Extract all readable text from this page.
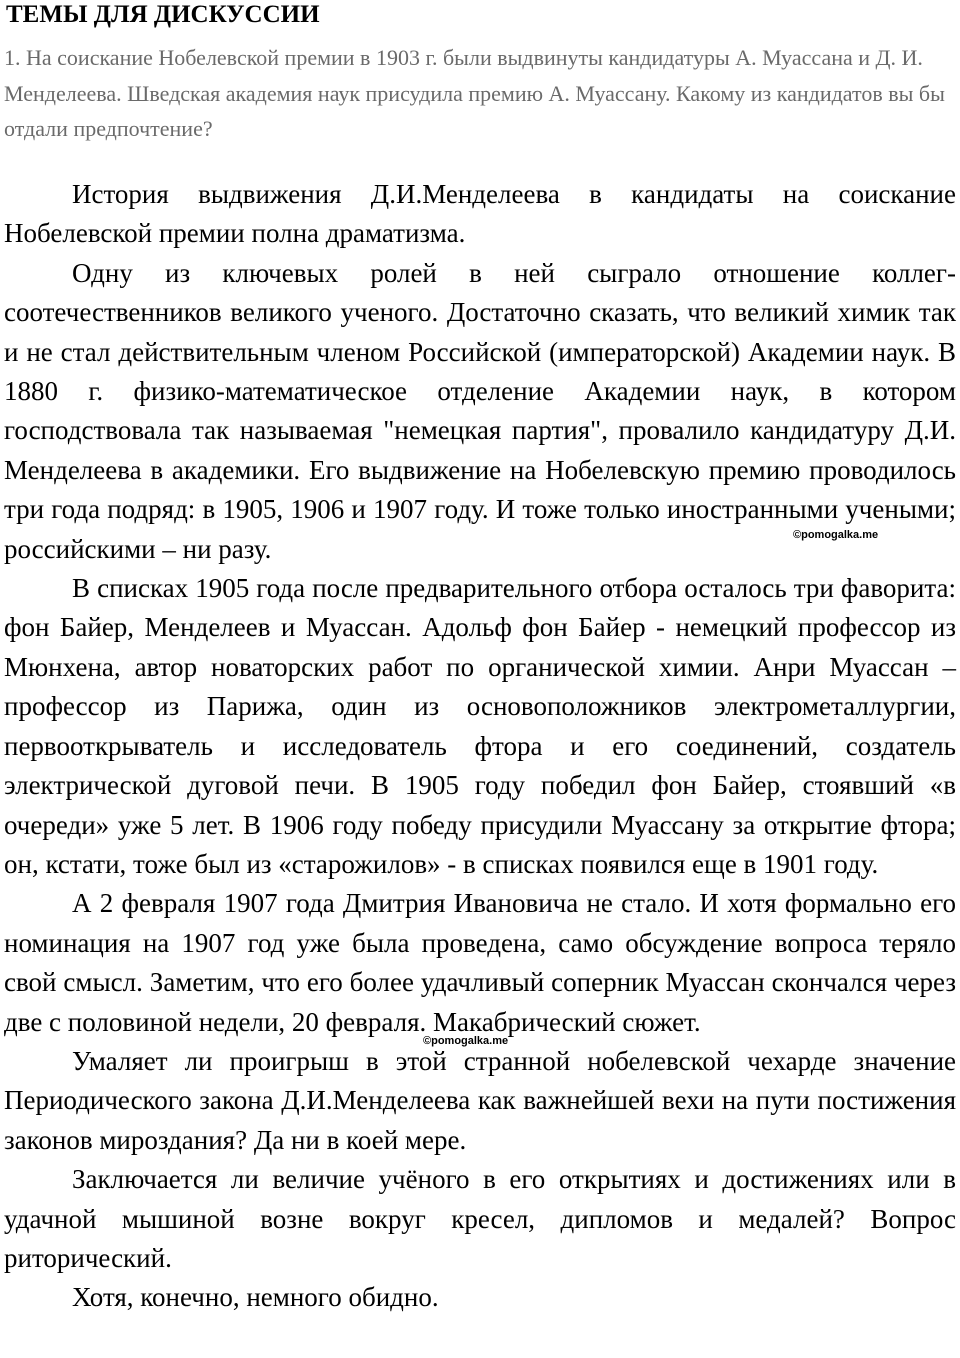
ТЕМЫ ДЛЯ ДИСКУССИИ

1. На соискание Нобелевской премии в 1903 г. были выдвинуты кандидатуры А. Муассана и Д. И. Менделеева. Шведская академия наук присудила премию А. Муассану. Какому из кандидатов вы бы отдали предпочтение?

История выдвижения Д.И.Менделеева в кандидаты на соискание Нобелевской премии полна драматизма.

Одну из ключевых ролей в ней сыграло отношение коллег-соотечественников великого ученого. Достаточно сказать, что великий химик так и не стал действительным членом Российской (императорской) Академии наук. В 1880 г. физико-математическое отделение Академии наук, в котором господствовала так называемая "немецкая партия", провалило кандидатуру Д.И. Менделеева в академики. Его выдвижение на Нобелевскую премию проводилось три года подряд: в 1905, 1906 и 1907 году. И тоже только иностранными учеными; российскими – ни разу.

В списках 1905 года после предварительного отбора осталось три фаворита: фон Байер, Менделеев и Муассан. Адольф фон Байер - немецкий профессор из Мюнхена, автор новаторских работ по органической химии. Анри Муассан – профессор из Парижа, один из основоположников электрометаллургии, первооткрыватель и исследователь фтора и его соединений, создатель электрической дуговой печи. В 1905 году победил фон Байер, стоявший «в очереди» уже 5 лет. В 1906 году победу присудили Муассану за открытие фтора; он, кстати, тоже был из «старожилов» - в списках появился еще в 1901 году.

А 2 февраля 1907 года Дмитрия Ивановича не стало. И хотя формально его номинация на 1907 год уже была проведена, само обсуждение вопроса теряло свой смысл. Заметим, что его более удачливый соперник Муассан скончался через две с половиной недели, 20 февраля. Макабрический сюжет.

Умаляет ли проигрыш в этой странной нобелевской чехарде значение Периодического закона Д.И.Менделеева как важнейшей вехи на пути постижения законов мироздания? Да ни в коей мере.

Заключается ли величие учёного в его открытиях и достижениях или в удачной мышиной возне вокруг кресел, дипломов и медалей? Вопрос риторический.

Хотя, конечно, немного обидно.

©pomogalka.me
©pomogalka.me
